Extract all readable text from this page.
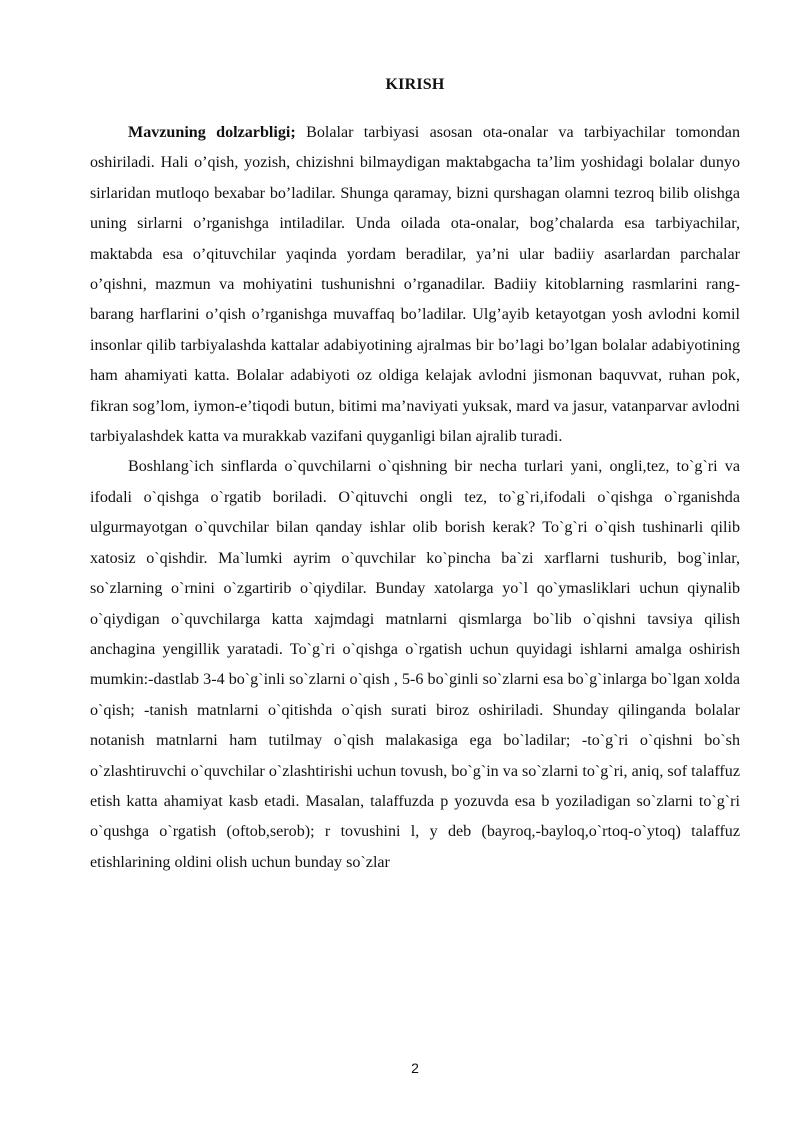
KIRISH

Mavzuning dolzarbligi; Bolalar tarbiyasi asosan ota-onalar va tarbiyachilar tomondan oshiriladi. Hali o’qish, yozish, chizishni bilmaydigan maktabgacha ta’lim yoshidagi bolalar dunyo sirlaridan mutloqo bexabar bo’ladilar. Shunga qaramay, bizni qurshagan olamni tezroq bilib olishga uning sirlarni o’rganishga intiladilar. Unda oilada ota-onalar, bog’chalarda esa tarbiyachilar, maktabda esa o’qituvchilar yaqinda yordam beradilar, ya’ni ular badiiy asarlardan parchalar o’qishni, mazmun va mohiyatini tushunishni o’rganadilar. Badiiy kitoblarning rasmlarini rang-barang harflarini o’qish o’rganishga muvaffaq bo’ladilar. Ulg’ayib ketayotgan yosh avlodni komil insonlar qilib tarbiyalashda kattalar adabiyotining ajralmas bir bo’lagi bo’lgan bolalar adabiyotining ham ahamiyati katta. Bolalar adabiyoti oz oldiga kelajak avlodni jismonan baquvvat, ruhan pok, fikran sog’lom, iymon-e’tiqodi butun, bitimi ma’naviyati yuksak, mard va jasur, vatanparvar avlodni tarbiyalashdek katta va murakkab vazifani quyganligi bilan ajralib turadi.

Boshlang`ich sinflarda o`quvchilarni o`qishning bir necha turlari yani, ongli,tez, to`g`ri va ifodali o`qishga o`rgatib boriladi. O`qituvchi ongli tez, to`g`ri,ifodali o`qishga o`rganishda ulgurmayotgan o`quvchilar bilan qanday ishlar olib borish kerak? To`g`ri o`qish tushinarli qilib xatosiz o`qishdir. Ma`lumki ayrim o`quvchilar ko`pincha ba`zi xarflarni tushurib, bog`inlar, so`zlarning o`rnini o`zgartirib o`qiydilar. Bunday xatolarga yo`l qo`ymasliklari uchun qiynalib o`qiydigan o`quvchilarga katta xajmdagi matnlarni qismlarga bo`lib o`qishni tavsiya qilish anchagina yengillik yaratadi. To`g`ri o`qishga o`rgatish uchun quyidagi ishlarni amalga oshirish mumkin:-dastlab 3-4 bo`g`inli so`zlarni o`qish , 5-6 bo`ginli so`zlarni esa bo`g`inlarga bo`lgan xolda o`qish; -tanish matnlarni o`qitishda o`qish surati biroz oshiriladi. Shunday qilinganda bolalar notanish matnlarni ham tutilmay o`qish malakasiga ega bo`ladilar; -to`g`ri o`qishni bo`sh o`zlashtiruvchi o`quvchilar o`zlashtirishi uchun tovush, bo`g`in va so`zlarni to`g`ri, aniq, sof talaffuz etish katta ahamiyat kasb etadi. Masalan, talaffuzda p yozuvda esa b yoziladigan so`zlarni to`g`ri o`qushga o`rgatish (oftob,serob); r tovushini l, y deb (bayroq,-bayloq,o`rtoq-o`ytoq) talaffuz etishlarining oldini olish uchun bunday so`zlar

2
